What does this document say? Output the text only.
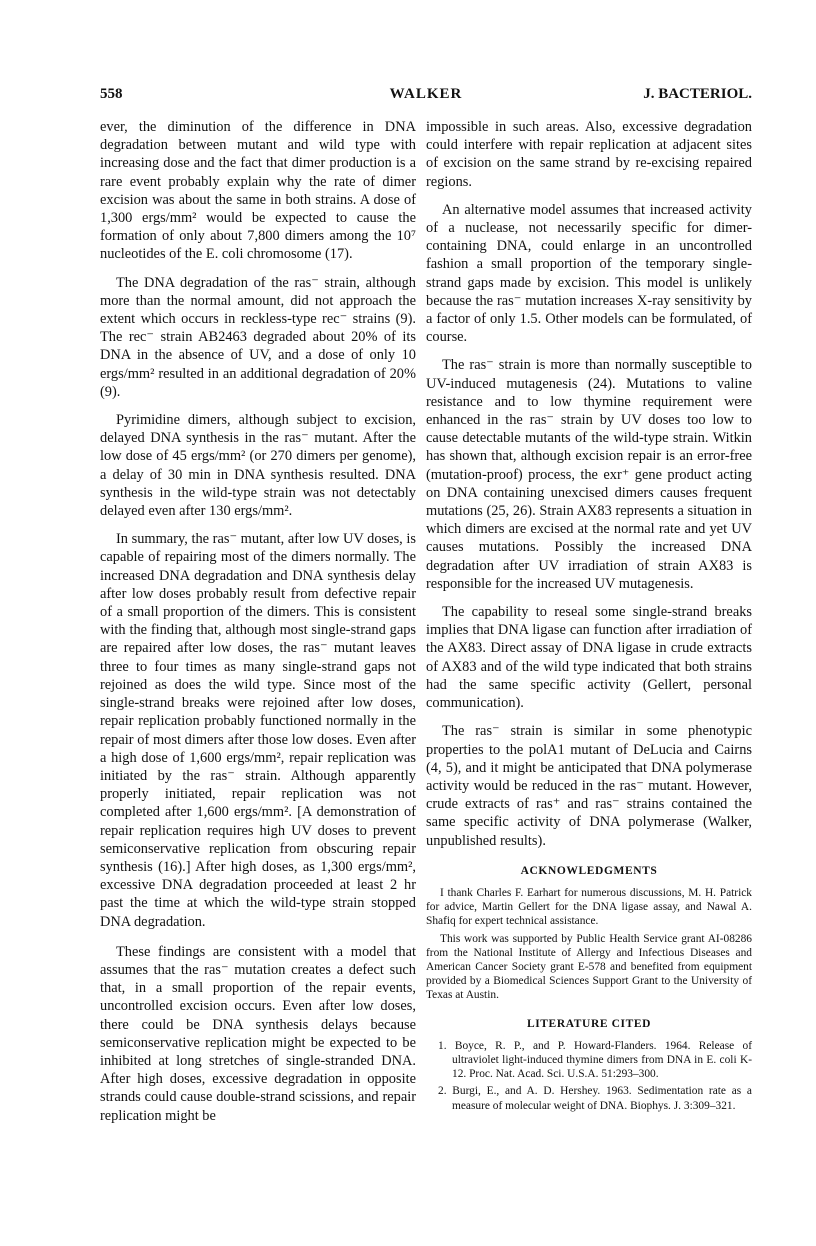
558	WALKER	J. BACTERIOL.

ever, the diminution of the difference in DNA degradation between mutant and wild type with increasing dose and the fact that dimer production is a rare event probably explain why the rate of dimer excision was about the same in both strains. A dose of 1,300 ergs/mm² would be expected to cause the formation of only about 7,800 dimers among the 10⁷ nucleotides of the E. coli chromosome (17).

The DNA degradation of the ras⁻ strain, although more than the normal amount, did not approach the extent which occurs in reckless-type rec⁻ strains (9). The rec⁻ strain AB2463 degraded about 20% of its DNA in the absence of UV, and a dose of only 10 ergs/mm² resulted in an additional degradation of 20% (9).

Pyrimidine dimers, although subject to excision, delayed DNA synthesis in the ras⁻ mutant. After the low dose of 45 ergs/mm² (or 270 dimers per genome), a delay of 30 min in DNA synthesis resulted. DNA synthesis in the wild-type strain was not detectably delayed even after 130 ergs/mm².

In summary, the ras⁻ mutant, after low UV doses, is capable of repairing most of the dimers normally. The increased DNA degradation and DNA synthesis delay after low doses probably result from defective repair of a small proportion of the dimers. This is consistent with the finding that, although most single-strand gaps are repaired after low doses, the ras⁻ mutant leaves three to four times as many single-strand gaps not rejoined as does the wild type. Since most of the single-strand breaks were rejoined after low doses, repair replication probably functioned normally in the repair of most dimers after those low doses. Even after a high dose of 1,600 ergs/mm², repair replication was initiated by the ras⁻ strain. Although apparently properly initiated, repair replication was not completed after 1,600 ergs/mm². [A demonstration of repair replication requires high UV doses to prevent semiconservative replication from obscuring repair synthesis (16).] After high doses, as 1,300 ergs/mm², excessive DNA degradation proceeded at least 2 hr past the time at which the wild-type strain stopped DNA degradation.

These findings are consistent with a model that assumes that the ras⁻ mutation creates a defect such that, in a small proportion of the repair events, uncontrolled excision occurs. Even after low doses, there could be DNA synthesis delays because semiconservative replication might be expected to be inhibited at long stretches of single-stranded DNA. After high doses, excessive degradation in opposite strands could cause double-strand scissions, and repair replication might be

impossible in such areas. Also, excessive degradation could interfere with repair replication at adjacent sites of excision on the same strand by re-excising repaired regions.

An alternative model assumes that increased activity of a nuclease, not necessarily specific for dimer-containing DNA, could enlarge in an uncontrolled fashion a small proportion of the temporary single-strand gaps made by excision. This model is unlikely because the ras⁻ mutation increases X-ray sensitivity by a factor of only 1.5. Other models can be formulated, of course.

The ras⁻ strain is more than normally susceptible to UV-induced mutagenesis (24). Mutations to valine resistance and to low thymine requirement were enhanced in the ras⁻ strain by UV doses too low to cause detectable mutants of the wild-type strain. Witkin has shown that, although excision repair is an error-free (mutation-proof) process, the exr⁺ gene product acting on DNA containing unexcised dimers causes frequent mutations (25, 26). Strain AX83 represents a situation in which dimers are excised at the normal rate and yet UV causes mutations. Possibly the increased DNA degradation after UV irradiation of strain AX83 is responsible for the increased UV mutagenesis.

The capability to reseal some single-strand breaks implies that DNA ligase can function after irradiation of the AX83. Direct assay of DNA ligase in crude extracts of AX83 and of the wild type indicated that both strains had the same specific activity (Gellert, personal communication).

The ras⁻ strain is similar in some phenotypic properties to the polA1 mutant of DeLucia and Cairns (4, 5), and it might be anticipated that DNA polymerase activity would be reduced in the ras⁻ mutant. However, crude extracts of ras⁺ and ras⁻ strains contained the same specific activity of DNA polymerase (Walker, unpublished results).

ACKNOWLEDGMENTS

I thank Charles F. Earhart for numerous discussions, M. H. Patrick for advice, Martin Gellert for the DNA ligase assay, and Nawal A. Shafiq for expert technical assistance.

This work was supported by Public Health Service grant AI-08286 from the National Institute of Allergy and Infectious Diseases and American Cancer Society grant E-578 and benefited from equipment provided by a Biomedical Sciences Support Grant to the University of Texas at Austin.

LITERATURE CITED
1. Boyce, R. P., and P. Howard-Flanders. 1964. Release of ultraviolet light-induced thymine dimers from DNA in E. coli K-12. Proc. Nat. Acad. Sci. U.S.A. 51:293–300.
2. Burgi, E., and A. D. Hershey. 1963. Sedimentation rate as a measure of molecular weight of DNA. Biophys. J. 3:309–321.
